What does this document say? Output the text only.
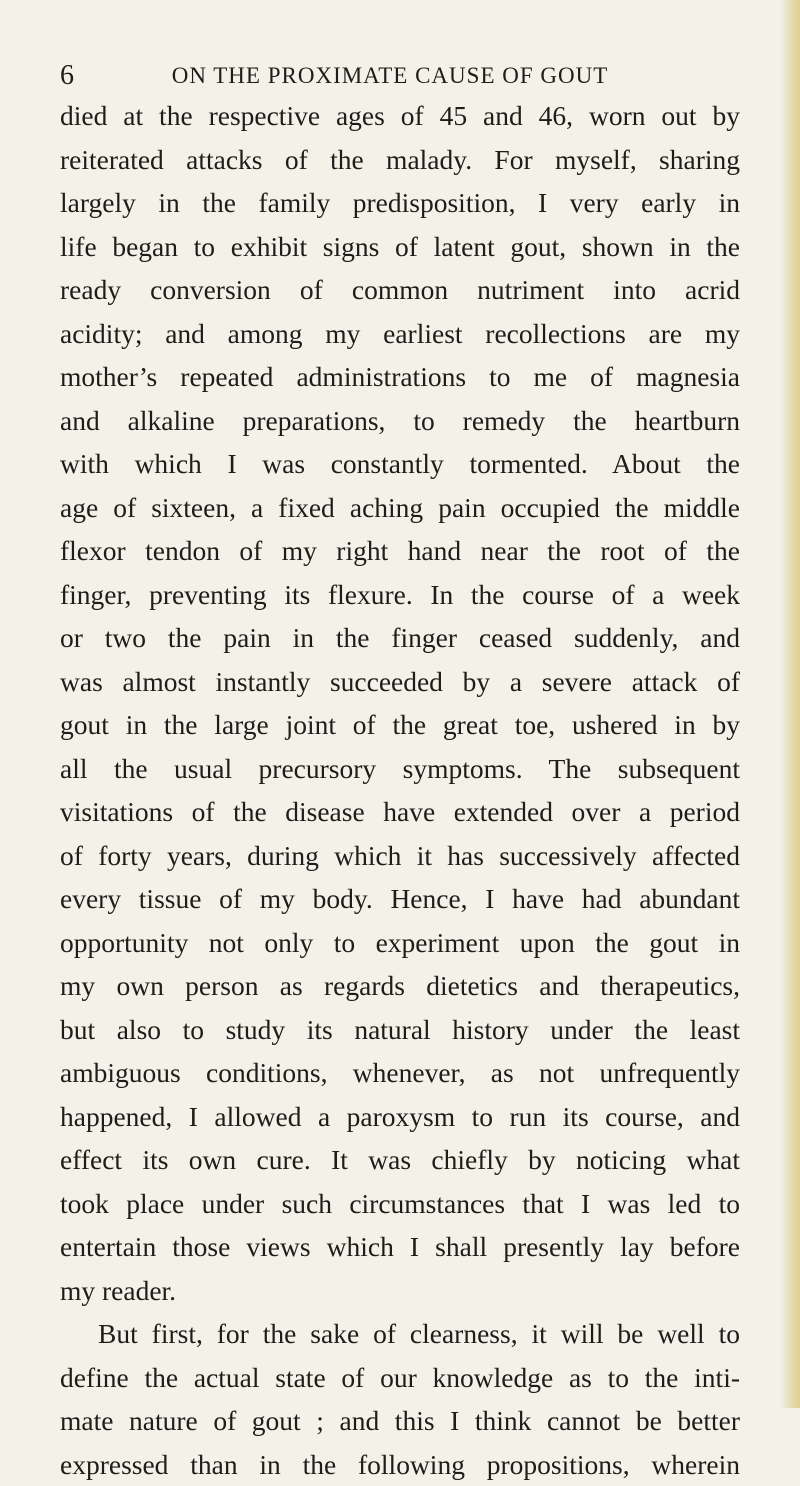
6	ON THE PROXIMATE CAUSE OF GOUT
died at the respective ages of 45 and 46, worn out by
reiterated attacks of the malady. For myself, sharing
largely in the family predisposition, I very early in
life began to exhibit signs of latent gout, shown in the
ready conversion of common nutriment into acrid
acidity; and among my earliest recollections are my
mother’s repeated administrations to me of magnesia
and alkaline preparations, to remedy the heartburn
with which I was constantly tormented. About the
age of sixteen, a fixed aching pain occupied the middle
flexor tendon of my right hand near the root of the
finger, preventing its flexure. In the course of a week
or two the pain in the finger ceased suddenly, and
was almost instantly succeeded by a severe attack of
gout in the large joint of the great toe, ushered in by
all the usual precursory symptoms. The subsequent
visitations of the disease have extended over a period
of forty years, during which it has successively affected
every tissue of my body. Hence, I have had abundant
opportunity not only to experiment upon the gout in
my own person as regards dietetics and therapeutics,
but also to study its natural history under the least
ambiguous conditions, whenever, as not unfrequently
happened, I allowed a paroxysm to run its course, and
effect its own cure. It was chiefly by noticing what
took place under such circumstances that I was led to
entertain those views which I shall presently lay before
my reader.
But first, for the sake of clearness, it will be well to
define the actual state of our knowledge as to the inti-
mate nature of gout ; and this I think cannot be better
expressed than in the following propositions, wherein
